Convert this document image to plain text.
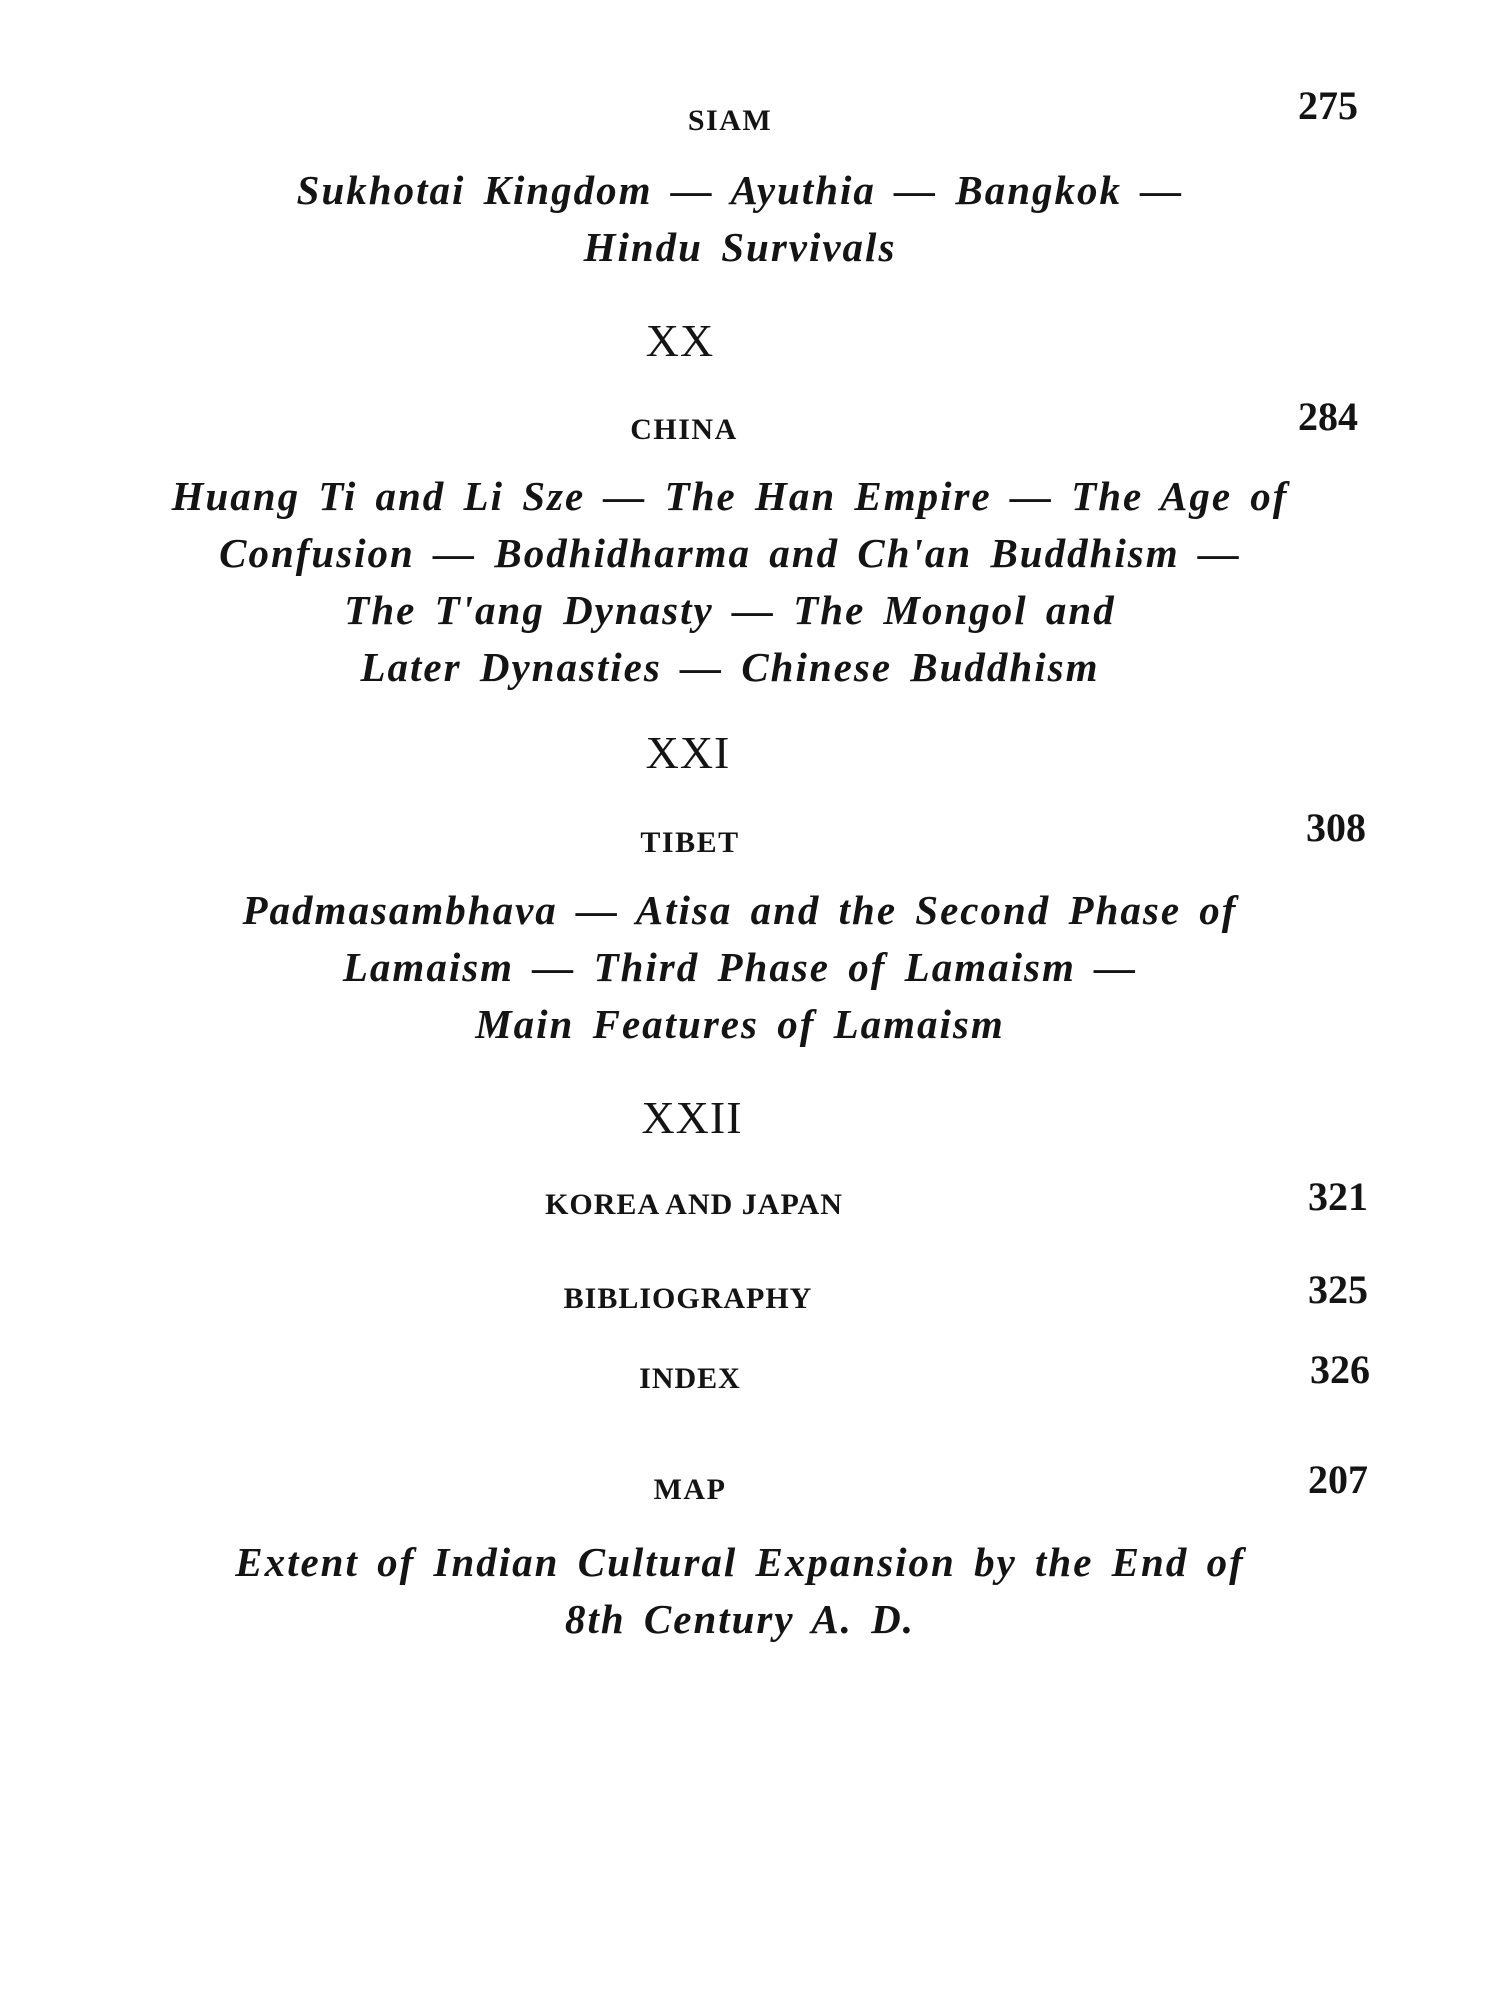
SIAM	275
Sukhotai Kingdom — Ayuthia — Bangkok —
Hindu Survivals
XX
CHINA	284
Huang Ti and Li Sze — The Han Empire — The Age of
Confusion — Bodhidharma and Ch'an Buddhism —
The T'ang Dynasty — The Mongol and
Later Dynasties — Chinese Buddhism
XXI
TIBET	308
Padmasambhava — Atisa and the Second Phase of
Lamaism — Third Phase of Lamaism —
Main Features of Lamaism
XXII
KOREA AND JAPAN	321
BIBLIOGRAPHY	325
INDEX	326
MAP	207
Extent of Indian Cultural Expansion by the End of
8th Century A. D.
